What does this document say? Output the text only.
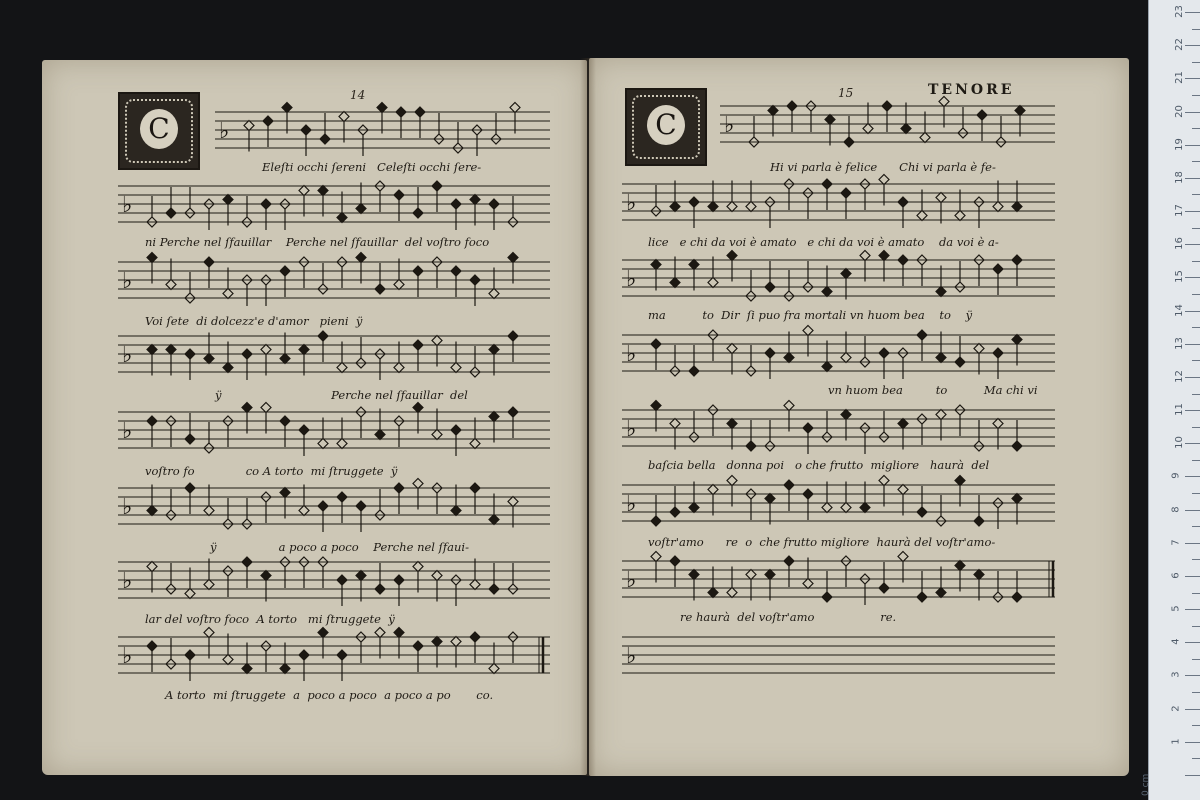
14	15	TENORE
C	C
♭
♭
♭
♭
♭
♭
♭
♭
♭
♭
♭
♭
♭
♭
♭
♭
Eleſti occhi ſereni   Celeſti occhi ſere-
ni Perche nel ſfauillar    Perche nel ſfauillar  del voſtro foco
Voi ſete  di dolcezz'e d'amor   pieni  ÿ
ÿ                              Perche nel ſfauillar  del
voſtro fo              co A torto  mi ſtruggete  ÿ
ÿ                 a poco a poco    Perche nel ſfaui-
lar del voſtro foco  A torto   mi ſtruggete  ÿ
A torto  mi ſtruggete  a  poco a poco  a poco a po       co.
Hi vi parla è felice      Chi vi parla è fe-
lice   e chi da voi è amato   e chi da voi è amato    da voi è a-
ma          to  Dir  ſi puo fra mortali vn huom bea    to    ÿ
vn huom bea         to          Ma chi vi
baſcia bella   donna poi   o che frutto  migliore   haurà  del
voſtr'amo      re  o  che frutto migliore  haurà del voſtr'amo-
re haurà  del voſtr'amo                  re.
0 cm
1
2
3
4
5
6
7
8
9
10
11
12
13
14
15
16
17
18
19
20
21
22
23
